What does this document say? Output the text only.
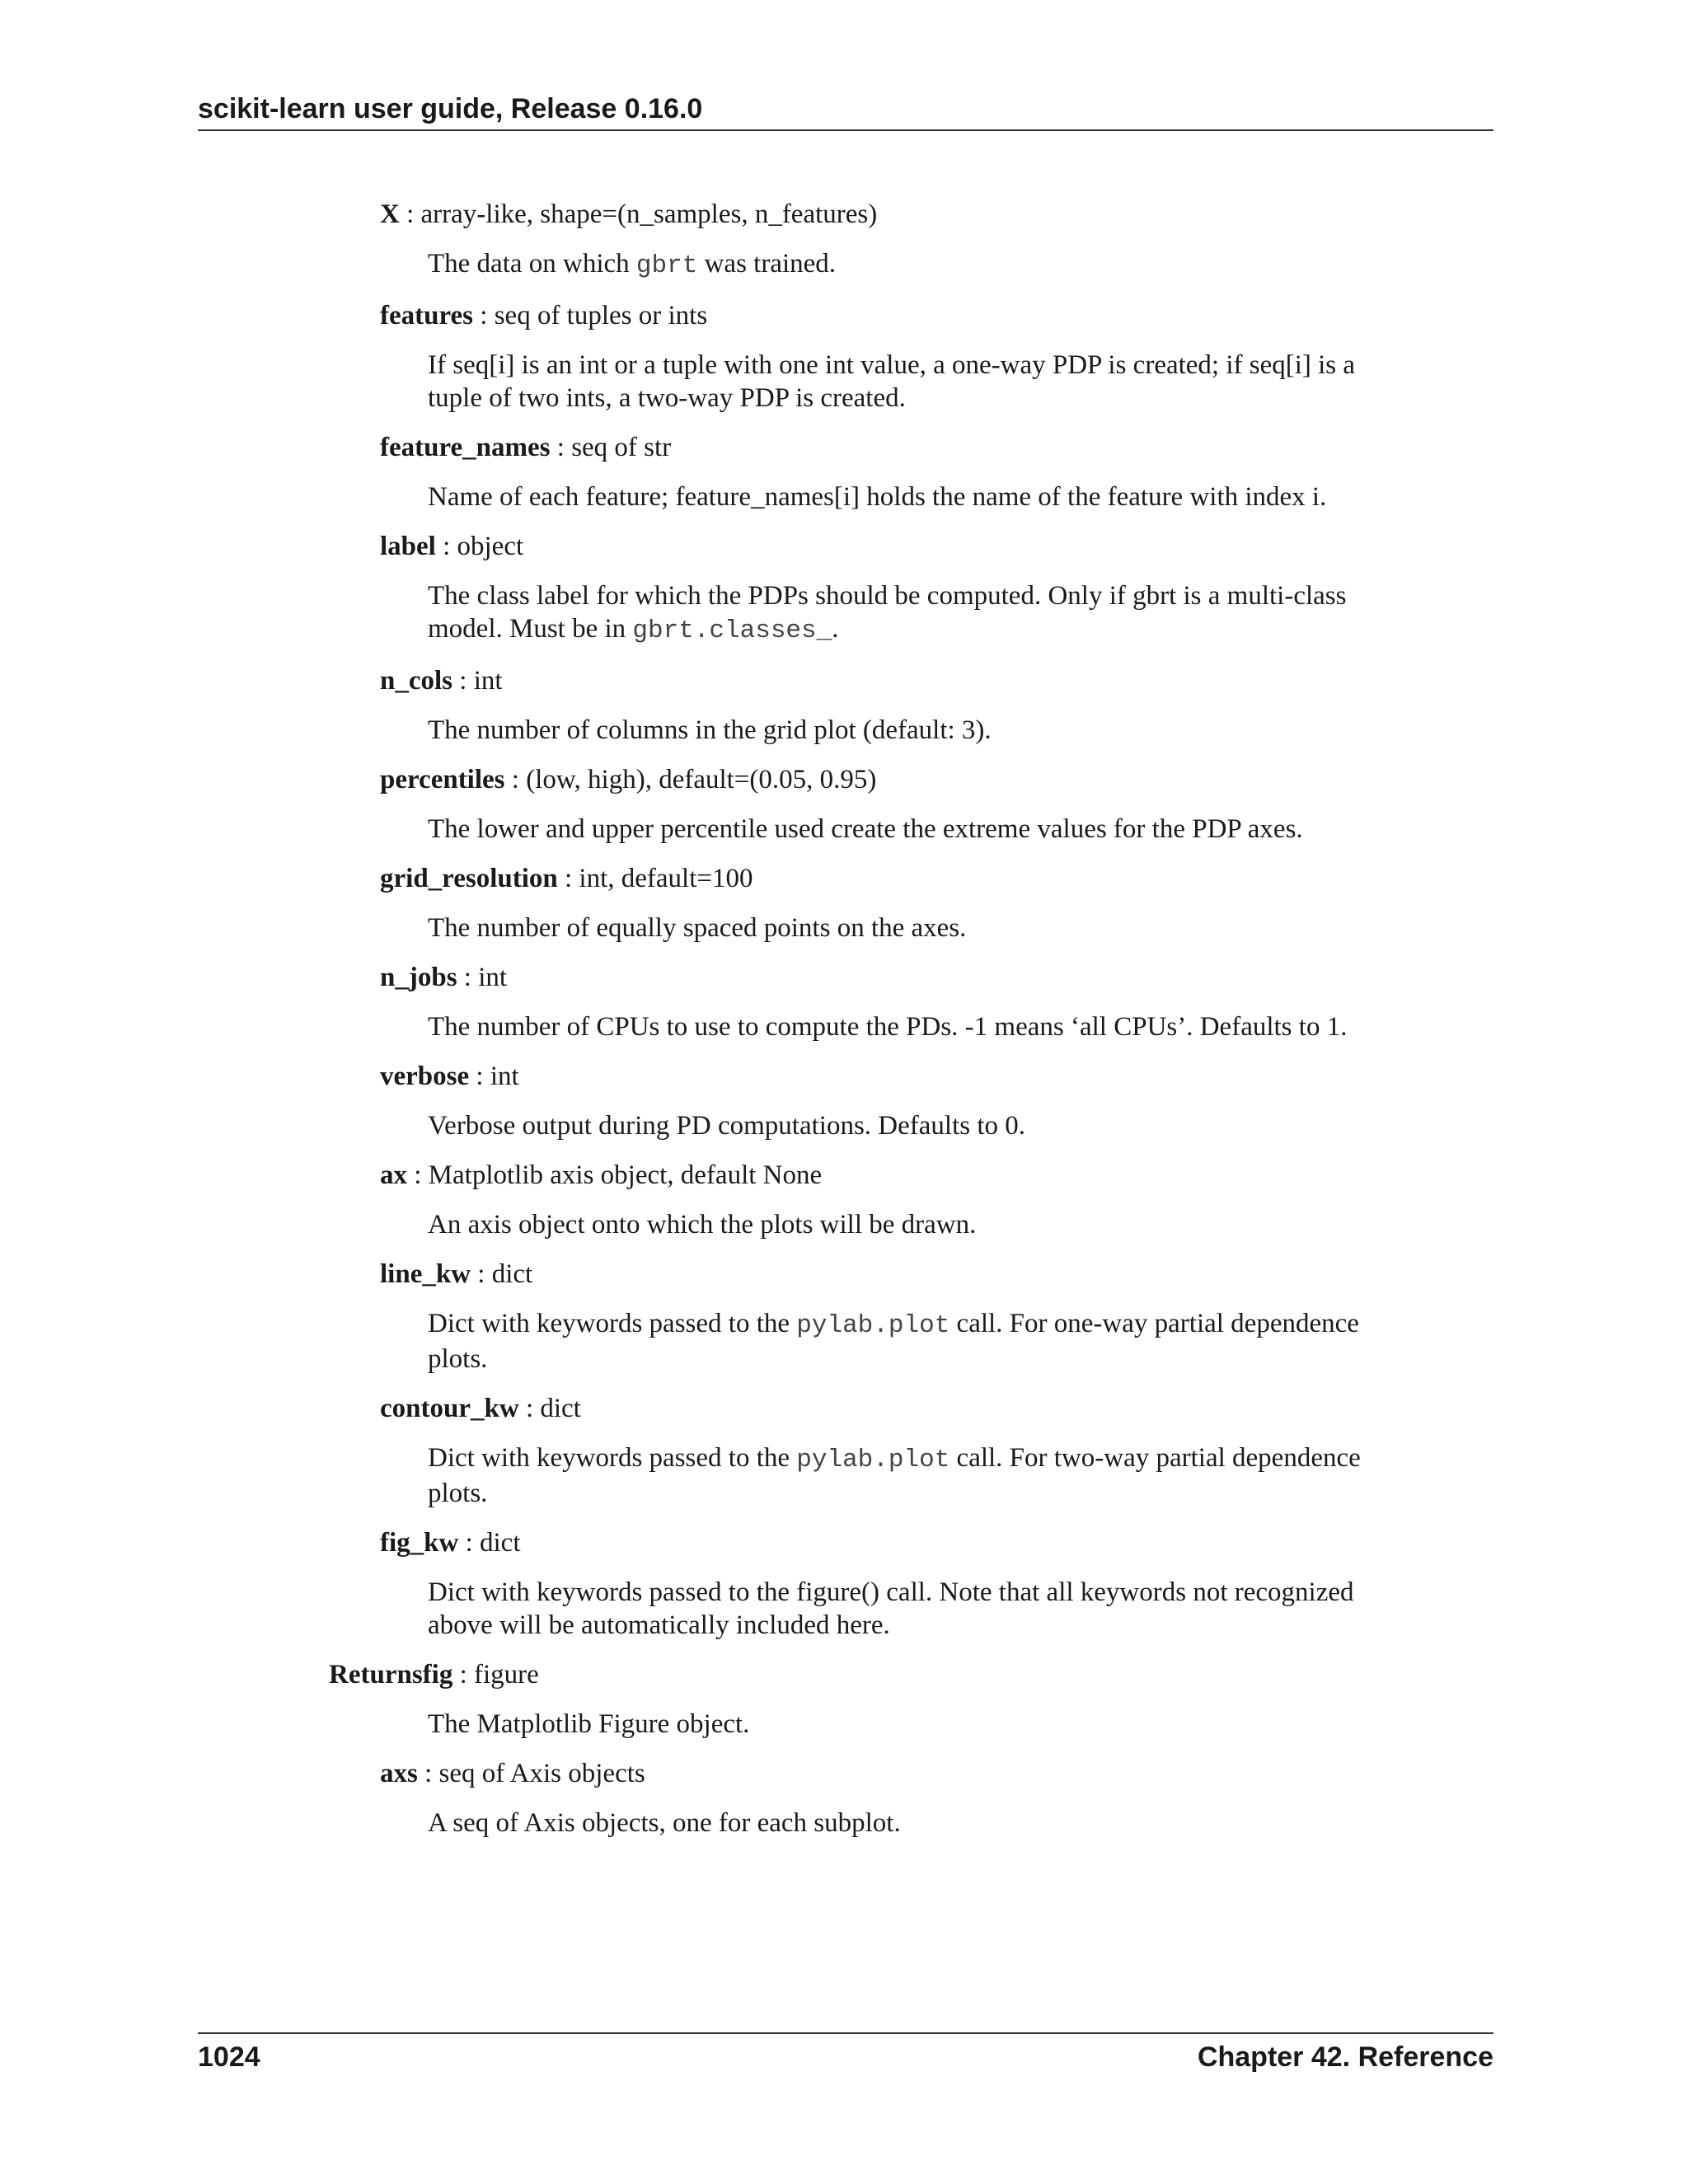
scikit-learn user guide, Release 0.16.0
X : array-like, shape=(n_samples, n_features)
The data on which gbrt was trained.
features : seq of tuples or ints
If seq[i] is an int or a tuple with one int value, a one-way PDP is created; if seq[i] is a tuple of two ints, a two-way PDP is created.
feature_names : seq of str
Name of each feature; feature_names[i] holds the name of the feature with index i.
label : object
The class label for which the PDPs should be computed. Only if gbrt is a multi-class model. Must be in gbrt.classes_.
n_cols : int
The number of columns in the grid plot (default: 3).
percentiles : (low, high), default=(0.05, 0.95)
The lower and upper percentile used create the extreme values for the PDP axes.
grid_resolution : int, default=100
The number of equally spaced points on the axes.
n_jobs : int
The number of CPUs to use to compute the PDs. -1 means ‘all CPUs’. Defaults to 1.
verbose : int
Verbose output during PD computations. Defaults to 0.
ax : Matplotlib axis object, default None
An axis object onto which the plots will be drawn.
line_kw : dict
Dict with keywords passed to the pylab.plot call. For one-way partial dependence plots.
contour_kw : dict
Dict with keywords passed to the pylab.plot call. For two-way partial dependence plots.
fig_kw : dict
Dict with keywords passed to the figure() call. Note that all keywords not recognized above will be automatically included here.
Returnsfig : figure
The Matplotlib Figure object.
axs : seq of Axis objects
A seq of Axis objects, one for each subplot.
1024	Chapter 42. Reference
